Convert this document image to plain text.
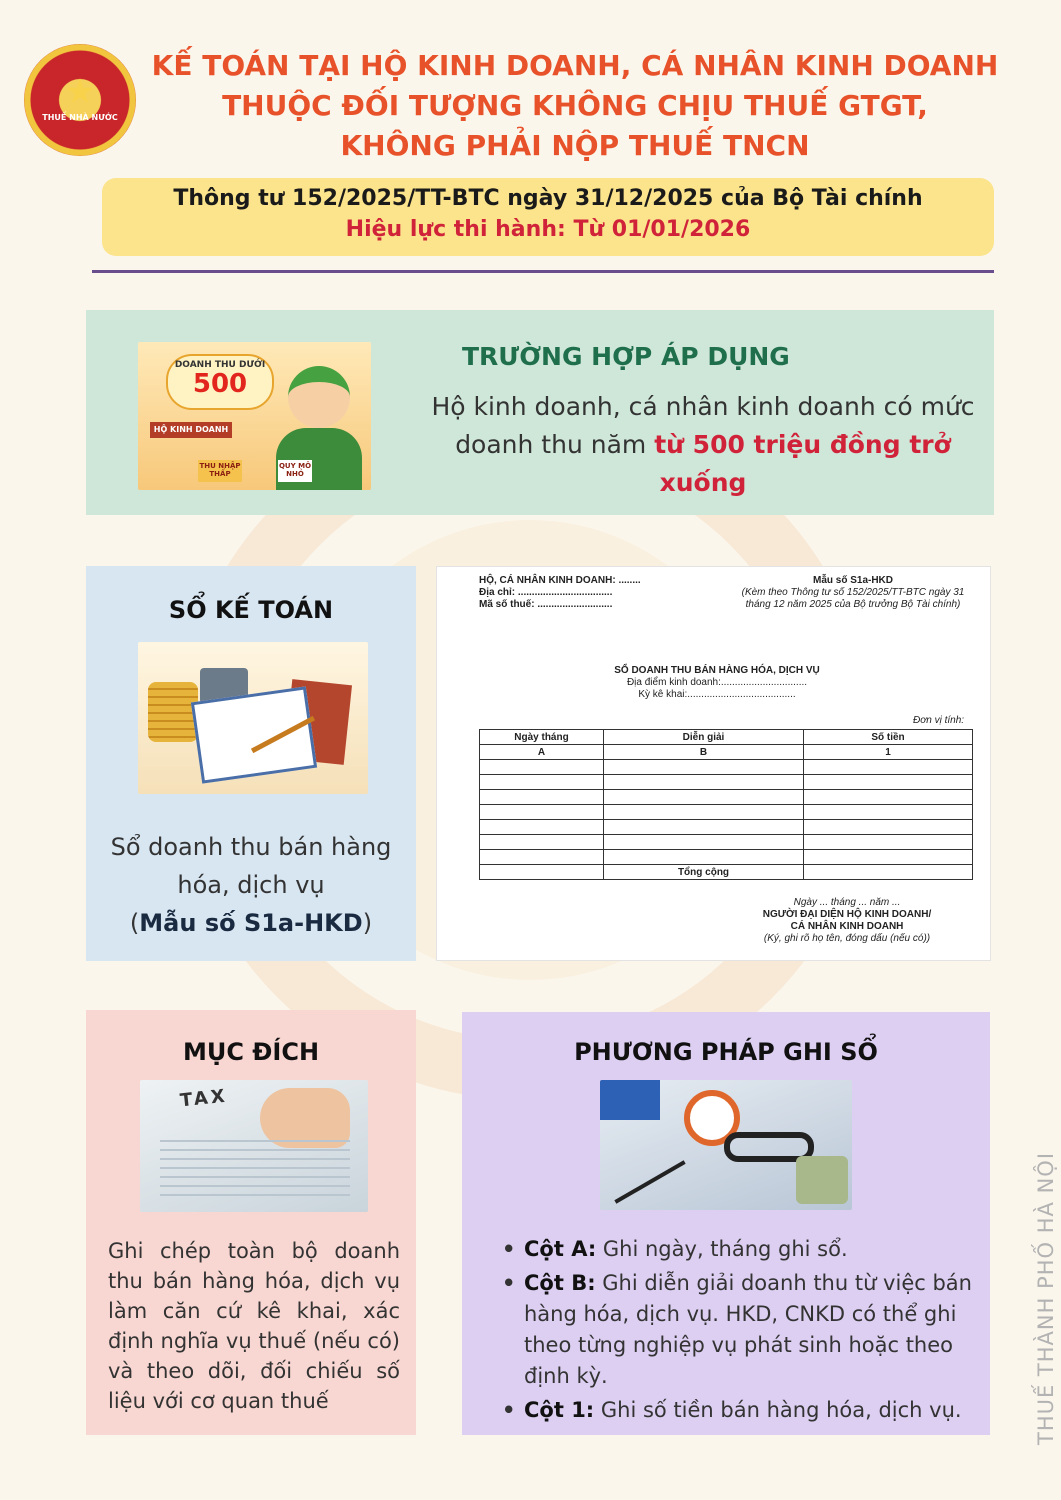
★
THUẾ NHÀ NƯỚC
KẾ TOÁN TẠI HỘ KINH DOANH, CÁ NHÂN KINH DOANH
THUỘC ĐỐI TƯỢNG KHÔNG CHỊU THUẾ GTGT,
KHÔNG PHẢI NỘP THUẾ TNCN
Thông tư 152/2025/TT-BTC ngày 31/12/2025 của Bộ Tài chính
Hiệu lực thi hành: Từ 01/01/2026
DOANH THU DƯỚI
500
HỘ KINH DOANH
THU NHẬP THẤP
QUY MÔ NHỎ
TRƯỜNG HỢP ÁP DỤNG
Hộ kinh doanh, cá nhân kinh doanh có mức doanh thu năm từ 500 triệu đồng trở xuống
SỔ KẾ TOÁN
Sổ doanh thu bán hàng hóa, dịch vụ
(Mẫu số S1a-HKD)
HỘ, CÁ NHÂN KINH DOANH: ........
Địa chỉ: ..................................
Mã số thuế: ...........................
Mẫu số S1a-HKD
(Kèm theo Thông tư số 152/2025/TT-BTC ngày 31 tháng 12 năm 2025 của Bộ trưởng Bộ Tài chính)
SỔ DOANH THU BÁN HÀNG HÓA, DỊCH VỤ
Địa điểm kinh doanh:...............................
Kỳ kê khai:.......................................
Đơn vị tính:
Ngày tháng	Diễn giải	Số tiền
A	B	1

	Tổng cộng	
Ngày ... tháng ... năm ...
NGƯỜI ĐẠI DIỆN HỘ KINH DOANH/
CÁ NHÂN KINH DOANH
(Ký, ghi rõ họ tên, đóng dấu (nếu có))
MỤC ĐÍCH
TAX
Ghi chép toàn bộ doanh thu bán hàng hóa, dịch vụ làm căn cứ kê khai, xác định nghĩa vụ thuế (nếu có) và theo dõi, đối chiếu số liệu với cơ quan thuế
PHƯƠNG PHÁP GHI SỔ
• Cột A: Ghi ngày, tháng ghi sổ.
• Cột B: Ghi diễn giải doanh thu từ việc bán hàng hóa, dịch vụ. HKD, CNKD có thể ghi theo từng nghiệp vụ phát sinh hoặc theo định kỳ.
• Cột 1: Ghi số tiền bán hàng hóa, dịch vụ.	THUẾ THÀNH PHỐ HÀ NỘI
